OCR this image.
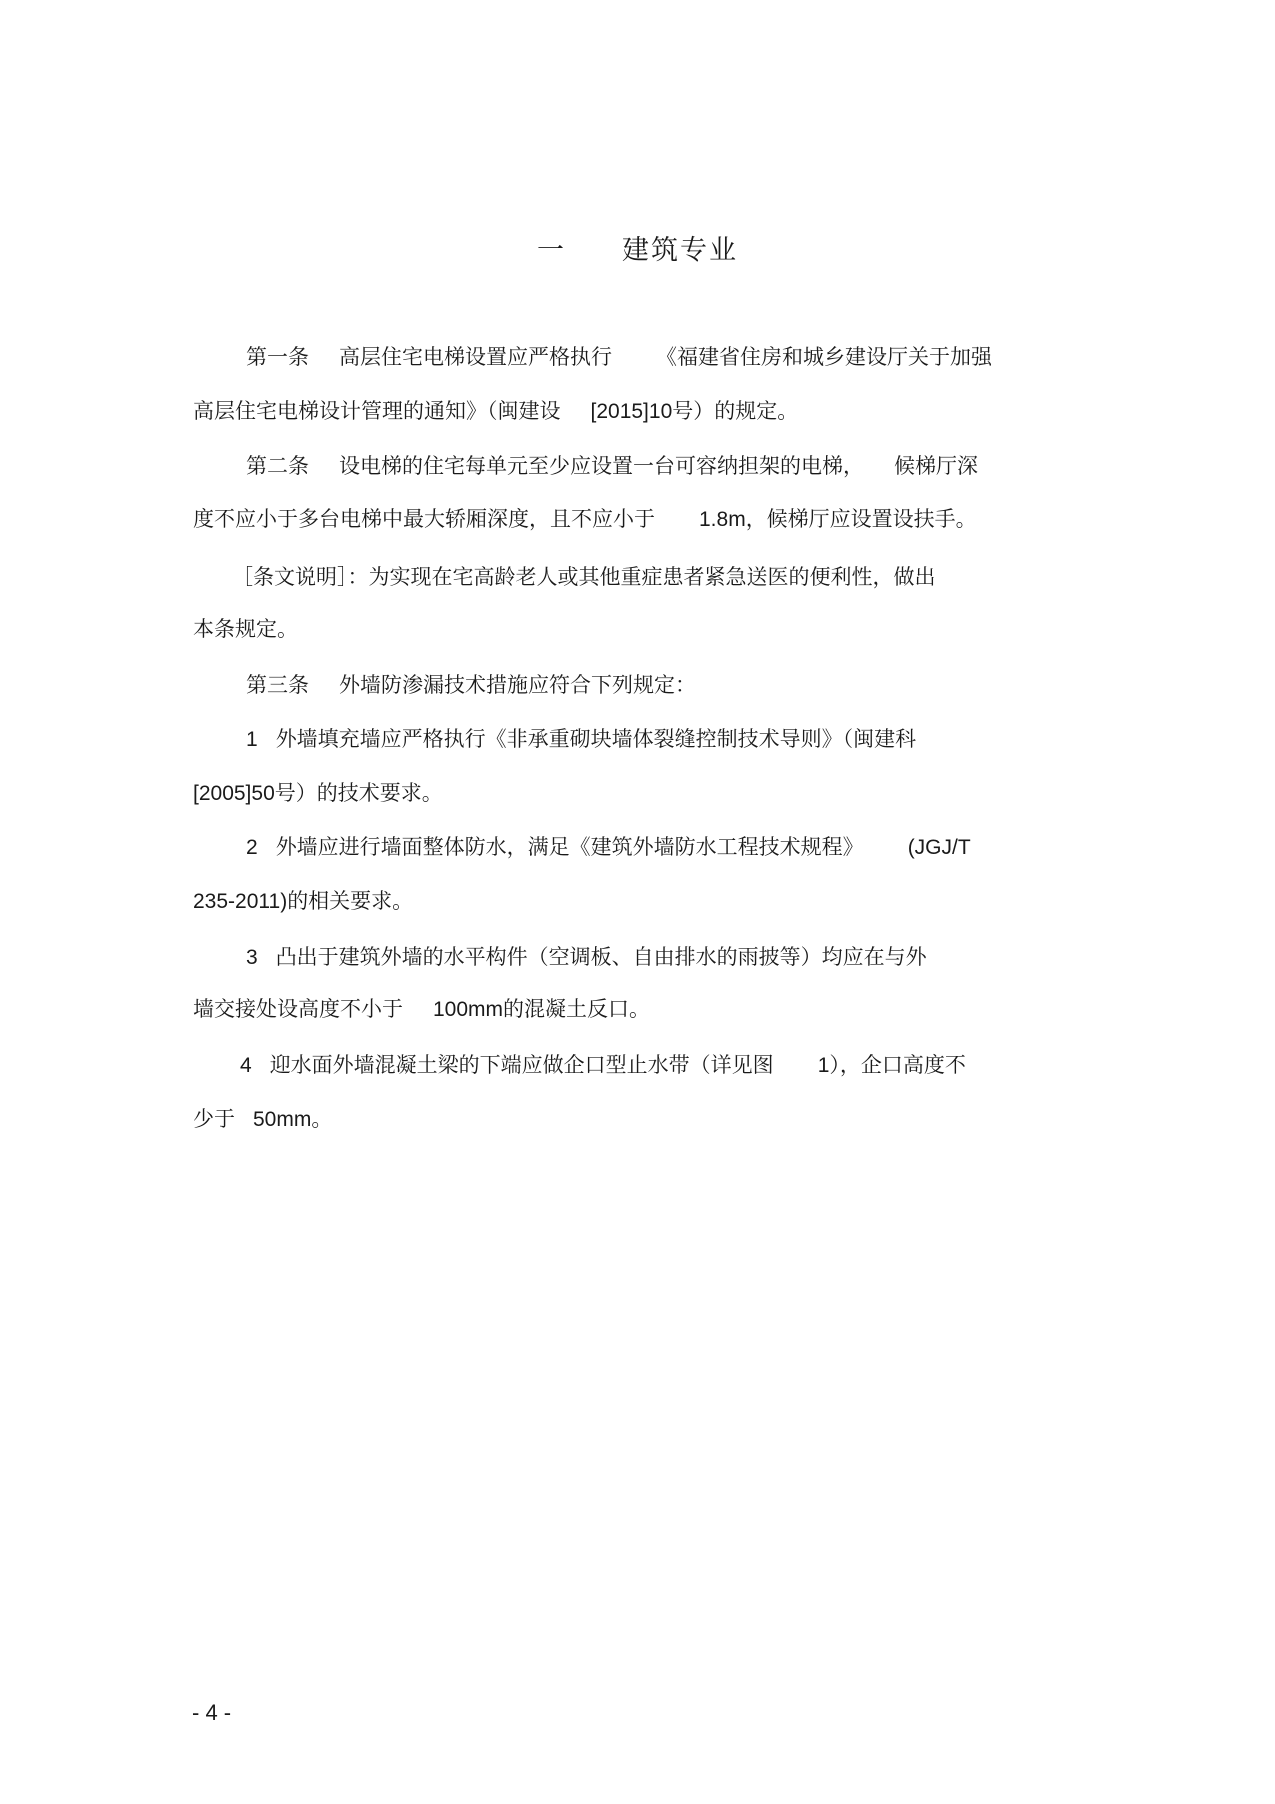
一 建筑专业
第一条 高层住宅电梯设置应严格执行 《福建省住房和城乡建设厅关于加强
高层住宅电梯设计管理的通知》（闽建设 [2015]10号）的规定。
第二条 设电梯的住宅每单元至少应设置一台可容纳担架的电梯， 候梯厅深
度不应小于多台电梯中最大轿厢深度，且不应小于 1.8m，候梯厅应设置设扶手。
［条文说明］：为实现在宅高龄老人或其他重症患者紧急送医的便利性，做出
本条规定。
第三条 外墙防渗漏技术措施应符合下列规定：
1 外墙填充墙应严格执行《非承重砌块墙体裂缝控制技术导则》（闽建科
[2005]50号）的技术要求。
2 外墙应进行墙面整体防水，满足《建筑外墙防水工程技术规程》 (JGJ/T
235-2011)的相关要求。
3 凸出于建筑外墙的水平构件（空调板、自由排水的雨披等）均应在与外
墙交接处设高度不小于 100mm的混凝土反口。
4 迎水面外墙混凝土梁的下端应做企口型止水带（详见图 1），企口高度不
少于 50mm。
- 4 -
